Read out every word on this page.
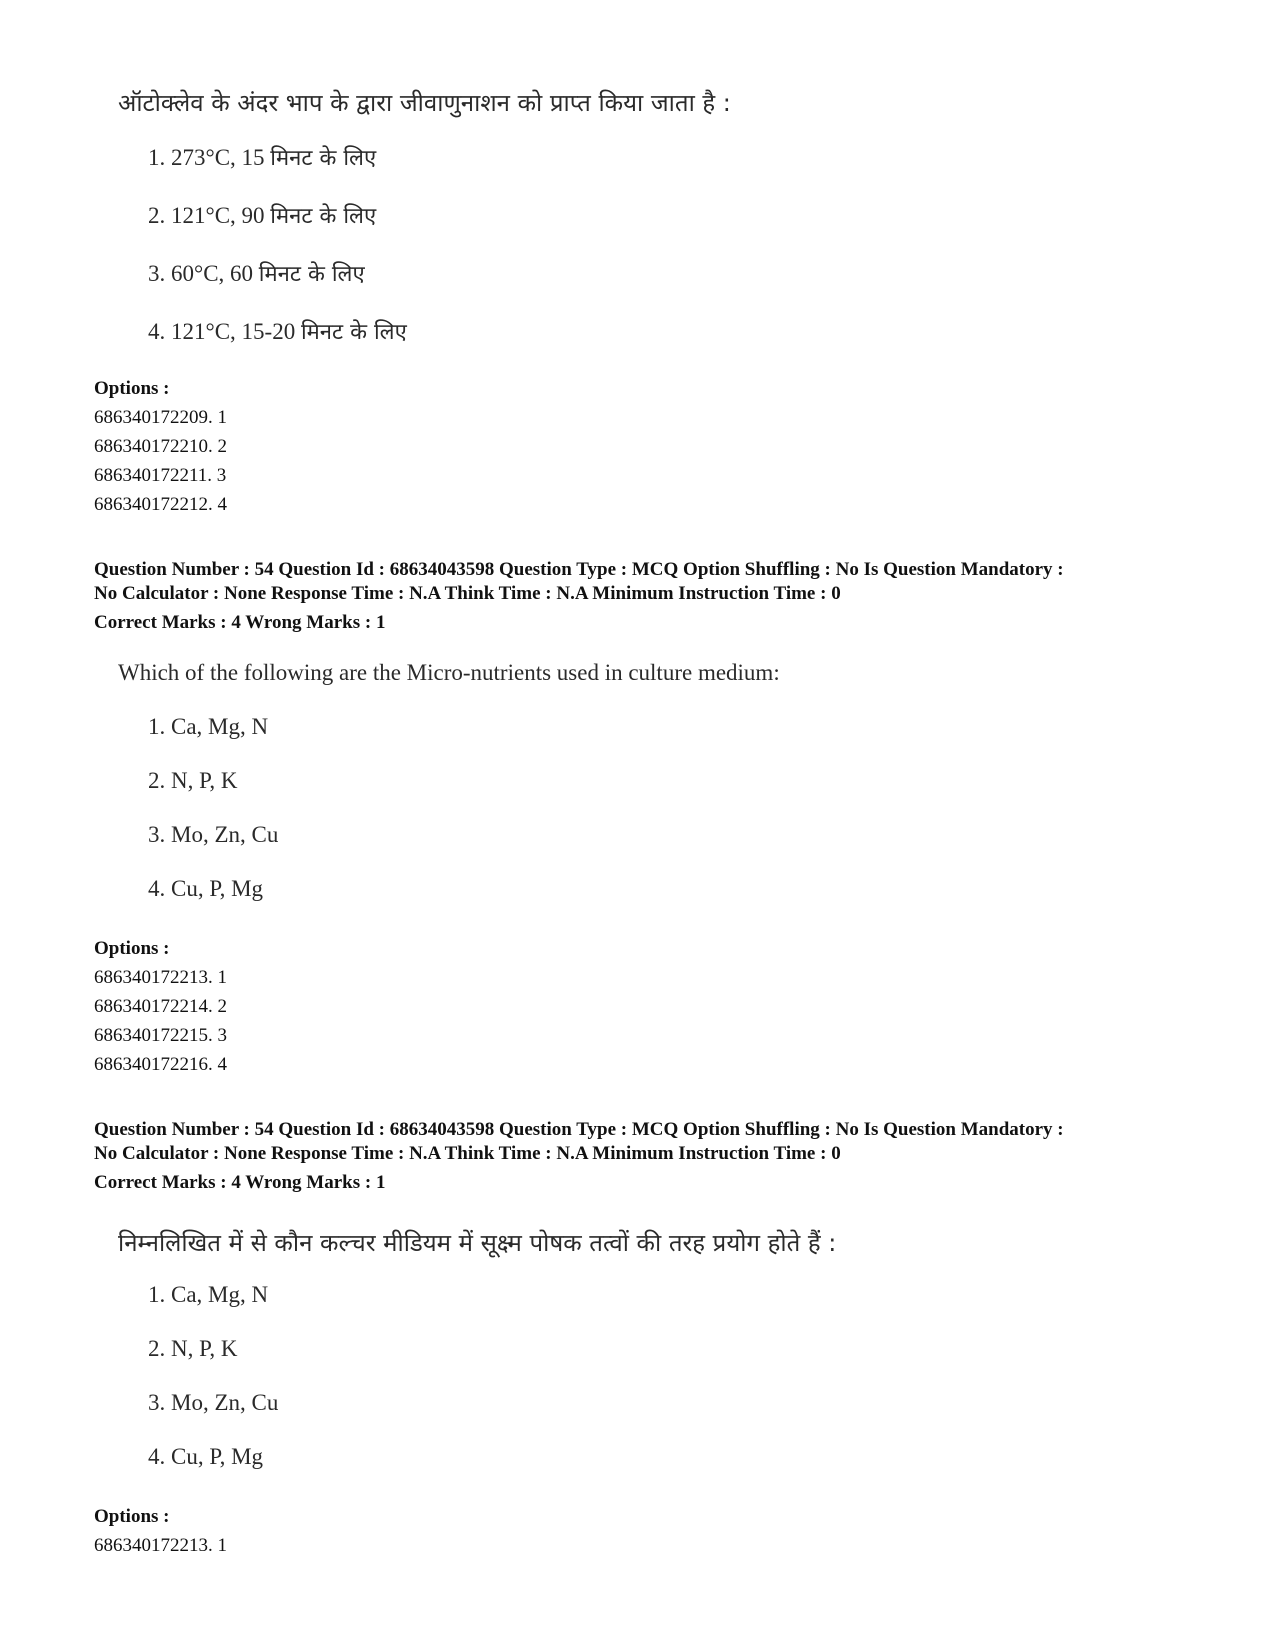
ऑटोक्लेव के अंदर भाप के द्वारा जीवाणुनाशन को प्राप्त किया जाता है :
1. 273°C, 15 मिनट के लिए
2. 121°C, 90 मिनट के लिए
3. 60°C, 60 मिनट के लिए
4. 121°C, 15-20 मिनट के लिए
Options :
686340172209. 1
686340172210. 2
686340172211. 3
686340172212. 4
Question Number : 54 Question Id : 68634043598 Question Type : MCQ Option Shuffling : No Is Question Mandatory :
No Calculator : None Response Time : N.A Think Time : N.A Minimum Instruction Time : 0
Correct Marks : 4 Wrong Marks : 1
Which of the following are the Micro-nutrients used in culture medium:
1. Ca, Mg, N
2. N, P, K
3. Mo, Zn, Cu
4. Cu, P, Mg
Options :
686340172213. 1
686340172214. 2
686340172215. 3
686340172216. 4
Question Number : 54 Question Id : 68634043598 Question Type : MCQ Option Shuffling : No Is Question Mandatory :
No Calculator : None Response Time : N.A Think Time : N.A Minimum Instruction Time : 0
Correct Marks : 4 Wrong Marks : 1
निम्नलिखित में से कौन कल्चर मीडियम में सूक्ष्म पोषक तत्वों की तरह प्रयोग होते हैं :
1. Ca, Mg, N
2. N, P, K
3. Mo, Zn, Cu
4. Cu, P, Mg
Options :
686340172213. 1
